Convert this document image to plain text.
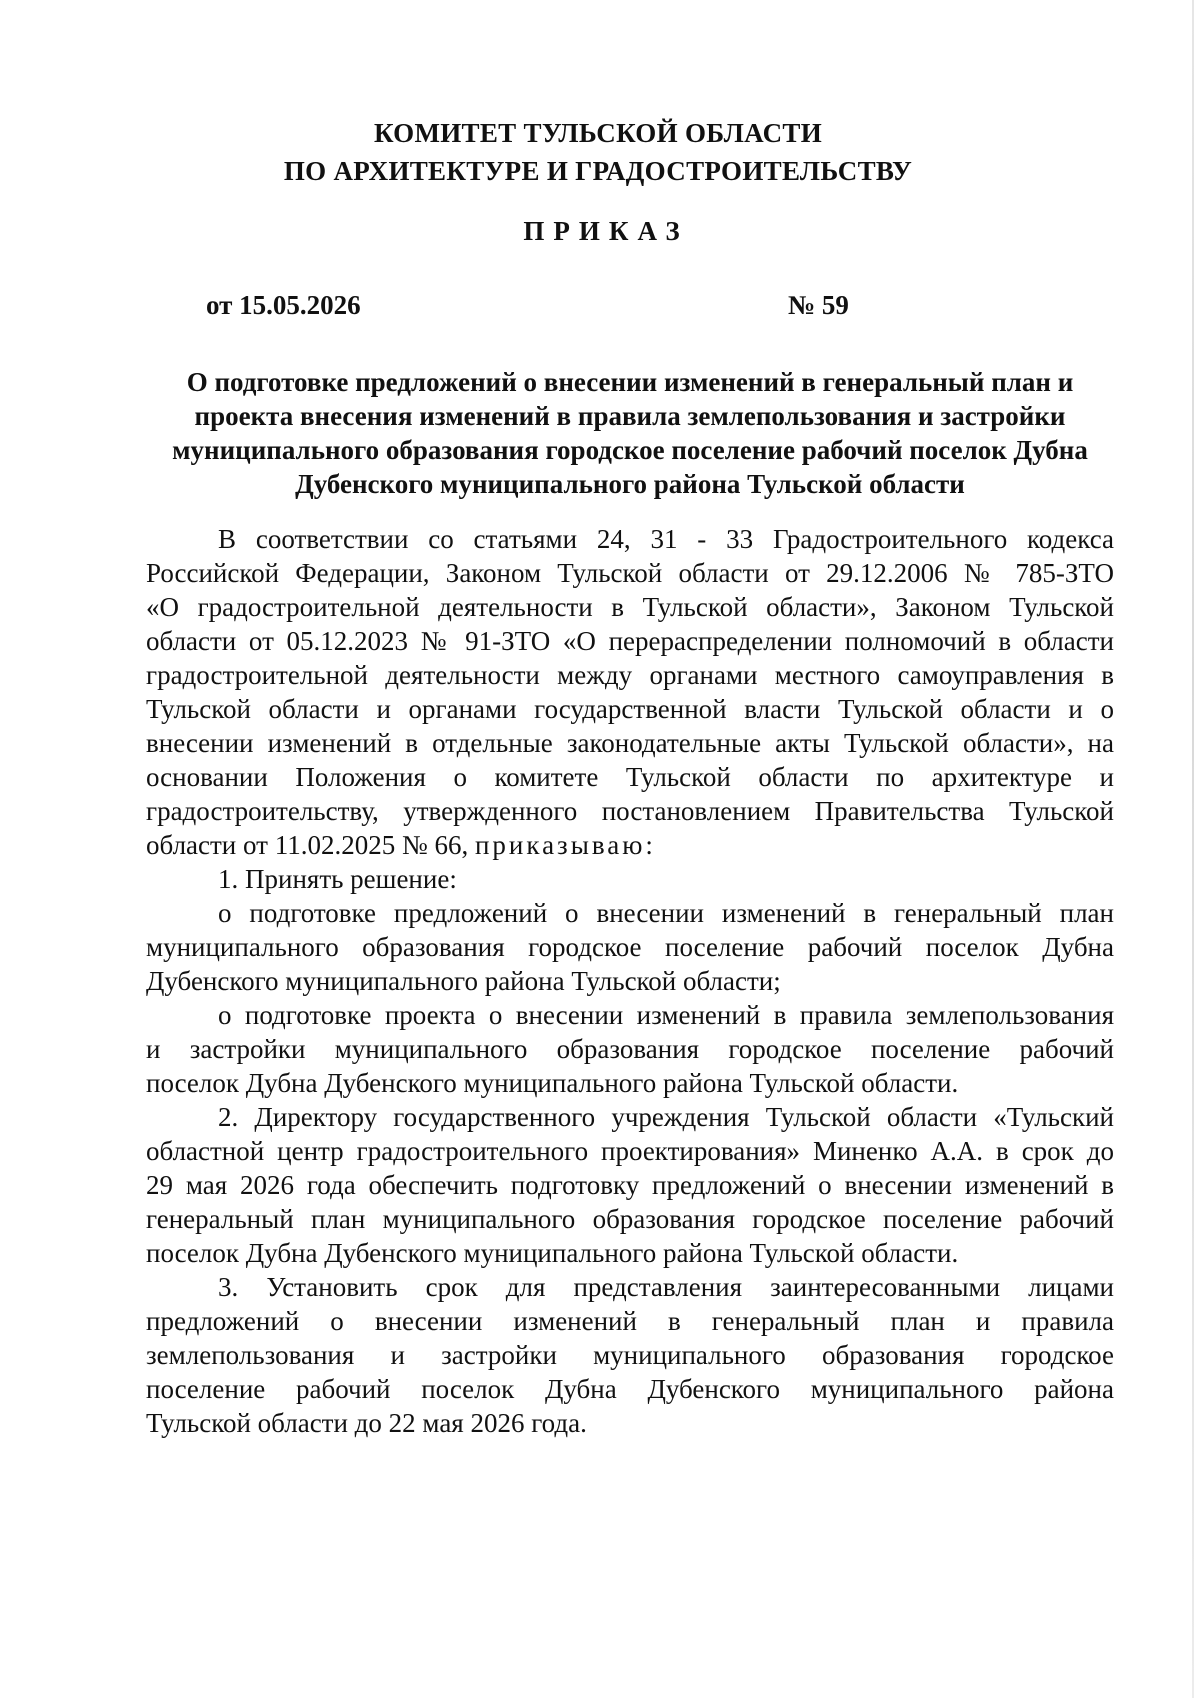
КОМИТЕТ ТУЛЬСКОЙ ОБЛАСТИ
ПО АРХИТЕКТУРЕ И ГРАДОСТРОИТЕЛЬСТВУ
ПРИКАЗ
от 15.05.2026	№ 59
О подготовке предложений о внесении изменений в генеральный план и
проекта внесения изменений в правила землепользования и застройки
муниципального образования городское поселение рабочий поселок Дубна
Дубенского муниципального района Тульской области
В соответствии со статьями 24, 31 - 33 Градостроительного кодекса
Российской Федерации, Законом Тульской области от 29.12.2006 № 785-ЗТО
«О градостроительной деятельности в Тульской области», Законом Тульской
области от 05.12.2023 № 91-ЗТО «О перераспределении полномочий в области
градостроительной деятельности между органами местного самоуправления в
Тульской области и органами государственной власти Тульской области и о
внесении изменений в отдельные законодательные акты Тульской области», на
основании Положения о комитете Тульской области по архитектуре и
градостроительству, утвержденного постановлением Правительства Тульской
области от 11.02.2025 № 66, приказываю:
1. Принять решение:
о подготовке предложений о внесении изменений в генеральный план
муниципального образования городское поселение рабочий поселок Дубна
Дубенского муниципального района Тульской области;
о подготовке проекта о внесении изменений в правила землепользования
и застройки муниципального образования городское поселение рабочий
поселок Дубна Дубенского муниципального района Тульской области.
2. Директору государственного учреждения Тульской области «Тульский
областной центр градостроительного проектирования» Миненко А.А. в срок до
29 мая 2026 года обеспечить подготовку предложений о внесении изменений в
генеральный план муниципального образования городское поселение рабочий
поселок Дубна Дубенского муниципального района Тульской области.
3. Установить срок для представления заинтересованными лицами
предложений о внесении изменений в генеральный план и правила
землепользования и застройки муниципального образования городское
поселение рабочий поселок Дубна Дубенского муниципального района
Тульской области до 22 мая 2026 года.
